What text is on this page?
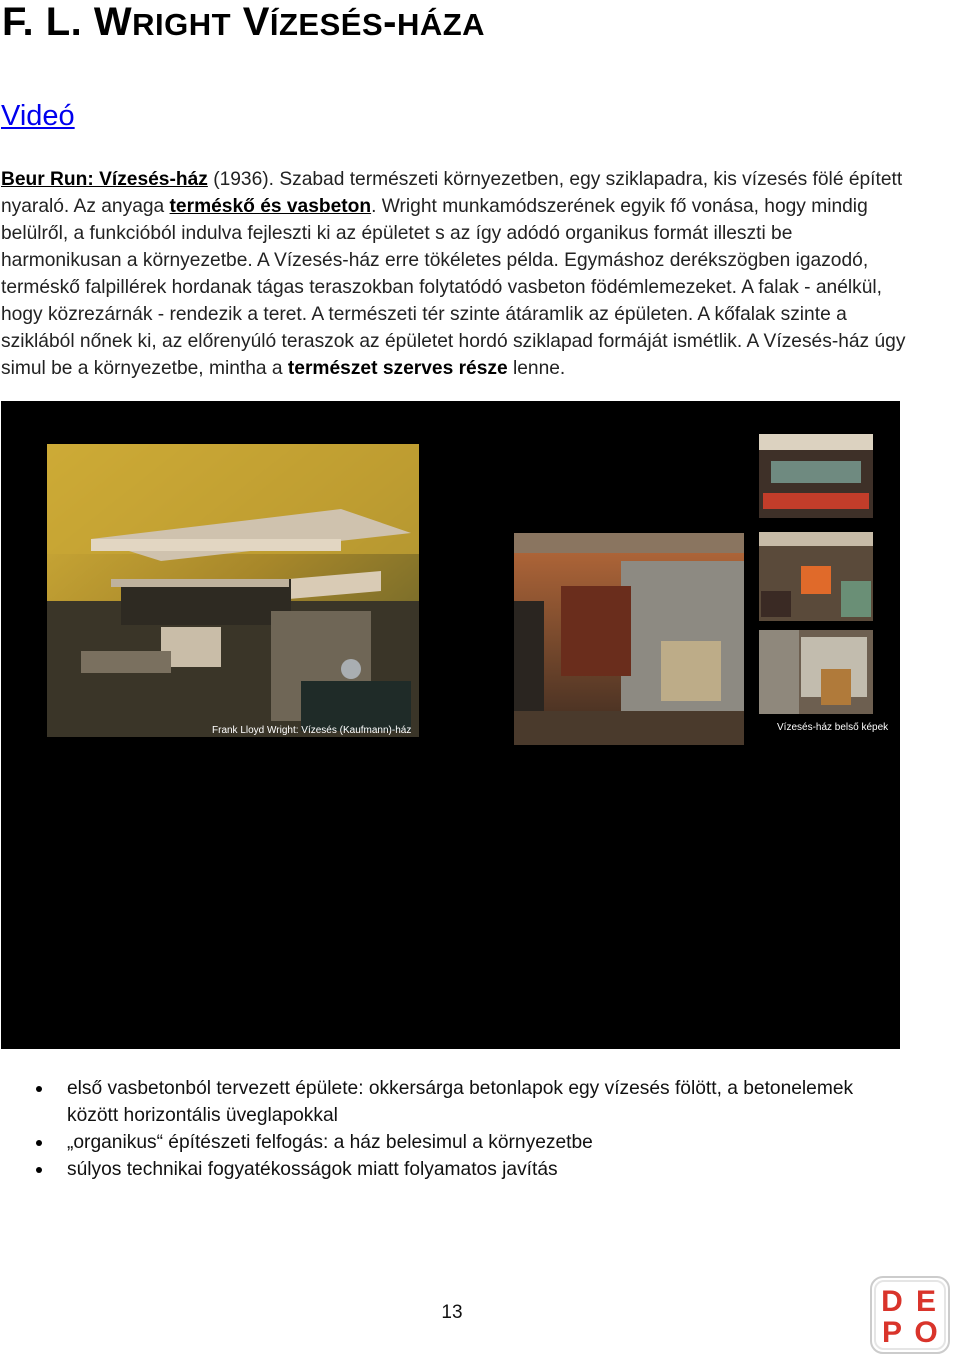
F. L. WRIGHT VÍZESÉS-HÁZA
Videó

Beur Run: Vízesés-ház (1936). Szabad természeti környezetben, egy sziklapadra, kis vízesés fölé épített nyaraló. Az anyaga terméskő és vasbeton. Wright munkamódszerének egyik fő vonása, hogy mindig belülről, a funkcióból indulva fejleszti ki az épületet s az így adódó organikus formát illeszti be harmonikusan a környezetbe. A Vízesés-ház erre tökéletes példa. Egymáshoz derékszögben igazodó, terméskő falpillérek hordanak tágas teraszokban folytatódó vasbeton födémlemezeket. A falak - anélkül, hogy közrezárnák - rendezik a teret. A természeti tér szinte átáramlik az épületen. A kőfalak szinte a sziklából nőnek ki, az előrenyúló teraszok az épületet hordó sziklapad formáját ismétlik. A Vízesés-ház úgy simul be a környezetbe, mintha a természet szerves része lenne.

Frank Lloyd Wright: Vízesés (Kaufmann)-ház	Vízesés-ház belső képek
első vasbetonból tervezett épülete: okkersárga betonlapok egy vízesés fölött, a betonelemek között horizontális üveglapokkal
„organikus“ építészeti felfogás: a ház belesimul a környezetbe
súlyos technikai fogyatékosságok miatt folyamatos javítás
13	D E
P O
